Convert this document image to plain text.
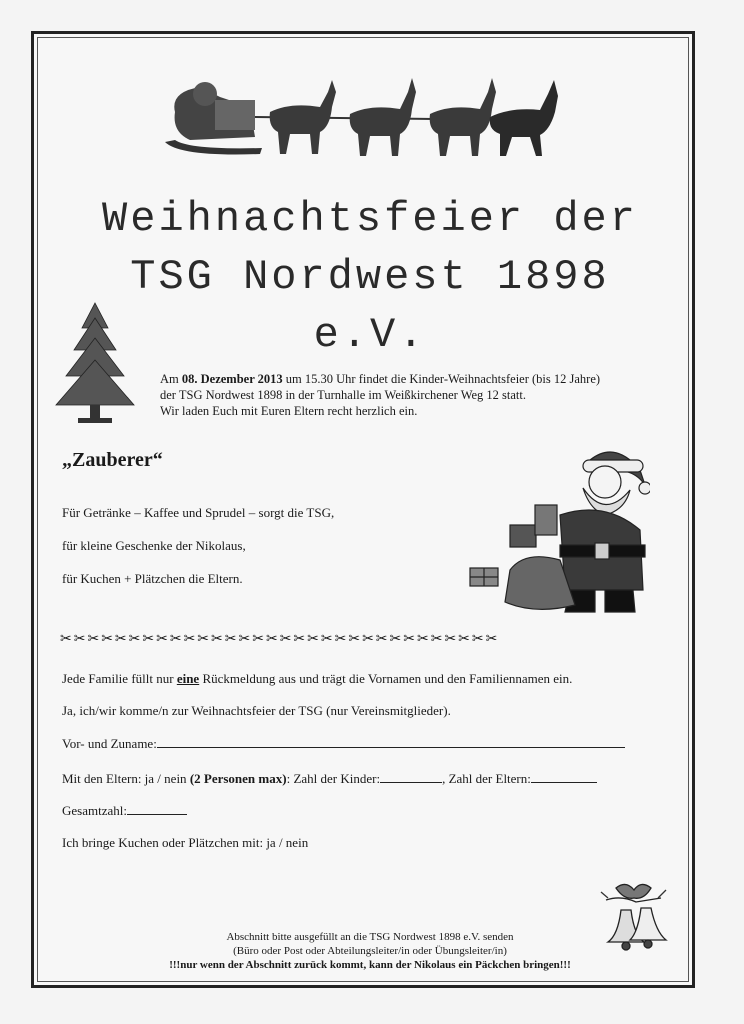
Weihnachtsfeier der
TSG Nordwest 1898
e.V.
Am 08. Dezember 2013 um 15.30 Uhr findet die Kinder-Weihnachtsfeier (bis 12 Jahre)
der TSG Nordwest 1898 in der Turnhalle im Weißkirchener Weg 12 statt.
Wir laden Euch mit Euren Eltern recht herzlich ein.
„Zauberer“
Für Getränke – Kaffee und Sprudel – sorgt die TSG,
für kleine Geschenke der Nikolaus,
für Kuchen + Plätzchen die Eltern.
✂✂✂✂✂✂✂✂✂✂✂✂✂✂✂✂✂✂✂✂✂✂✂✂✂✂✂✂✂✂✂✂
Jede Familie füllt nur eine Rückmeldung aus und trägt die Vornamen und den Familiennamen ein.
Ja, ich/wir komme/n zur Weihnachtsfeier der TSG (nur Vereinsmitglieder).
Vor- und Zuname:
Mit den Eltern: ja / nein (2 Personen max): Zahl der Kinder:	, Zahl der Eltern:
Gesamtzahl:
Ich bringe Kuchen oder Plätzchen mit: ja / nein
Abschnitt bitte ausgefüllt an die TSG Nordwest 1898 e.V. senden
(Büro oder Post oder Abteilungsleiter/in oder Übungsleiter/in)
!!!nur wenn der Abschnitt zurück kommt, kann der Nikolaus ein Päckchen bringen!!!
